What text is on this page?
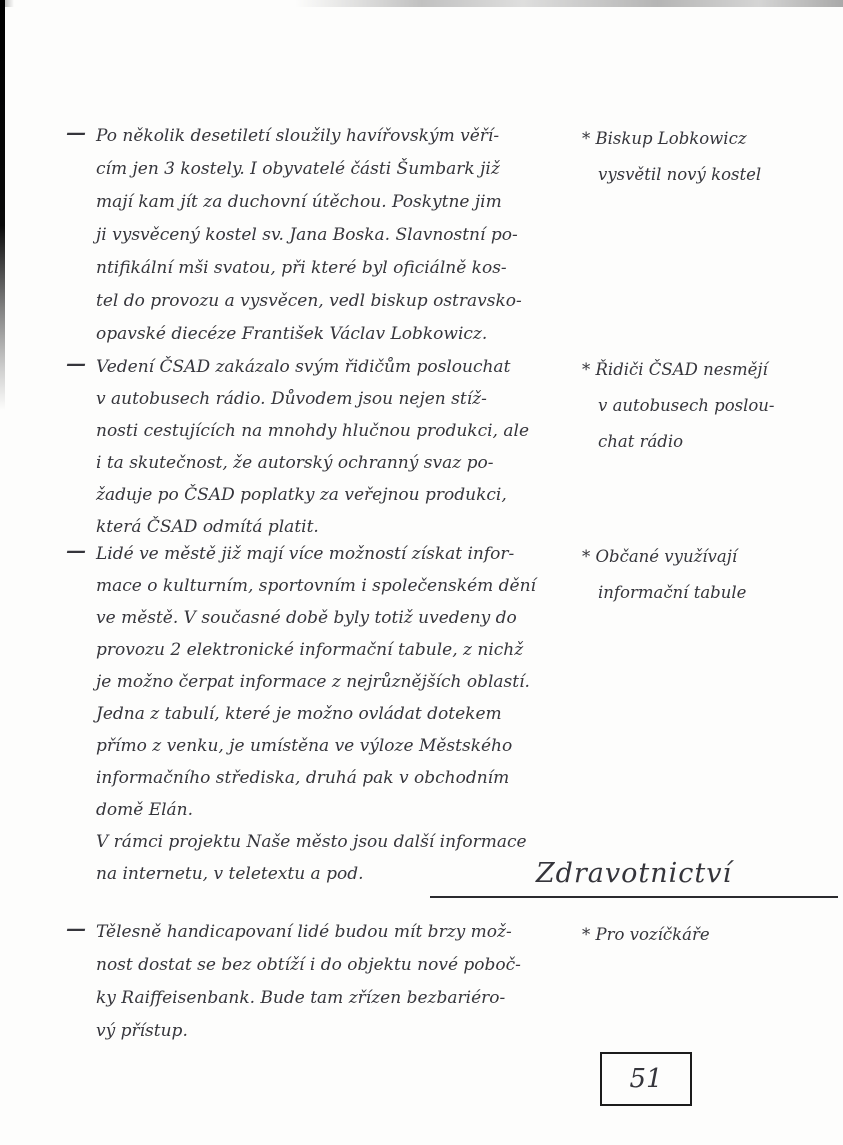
— Po několik desetiletí sloužily havířovským věří-
cím jen 3 kostely. I obyvatelé části Šumbark již
mají kam jít za duchovní útěchou. Poskytne jim
ji vysvěcený kostel sv. Jana Boska. Slavnostní po-
ntifikální mši svatou, při které byl oficiálně kos-
tel do provozu a vysvěcen, vedl biskup ostravsko-
opavské diecéze František Václav Lobkowicz.
* Biskup Lobkowicz
vysvětil nový kostel
— Vedení ČSAD zakázalo svým řidičům poslouchat
v autobusech rádio. Důvodem jsou nejen stíž-
nosti cestujících na mnohdy hlučnou produkci, ale
i ta skutečnost, že autorský ochranný svaz po-
žaduje po ČSAD poplatky za veřejnou produkci,
která ČSAD odmítá platit.
* Řidiči ČSAD nesmějí
v autobusech poslou-
chat rádio
— Lidé ve městě již mají více možností získat infor-
mace o kulturním, sportovním i společenském dění
ve městě. V současné době byly totiž uvedeny do
provozu 2 elektronické informační tabule, z nichž
je možno čerpat informace z nejrůznějších oblastí.
Jedna z tabulí, které je možno ovládat dotekem
přímo z venku, je umístěna ve výloze Městského
informačního střediska, druhá pak v obchodním
domě Elán.
V rámci projektu Naše město jsou další informace
na internetu, v teletextu a pod.
* Občané využívají
informační tabule
Zdravotnictví
— Tělesně handicapovaní lidé budou mít brzy mož-
nost dostat se bez obtíží i do objektu nové poboč-
ky Raiffeisenbank. Bude tam zřízen bezbariéro-
vý přístup.
* Pro vozíčkáře
51
